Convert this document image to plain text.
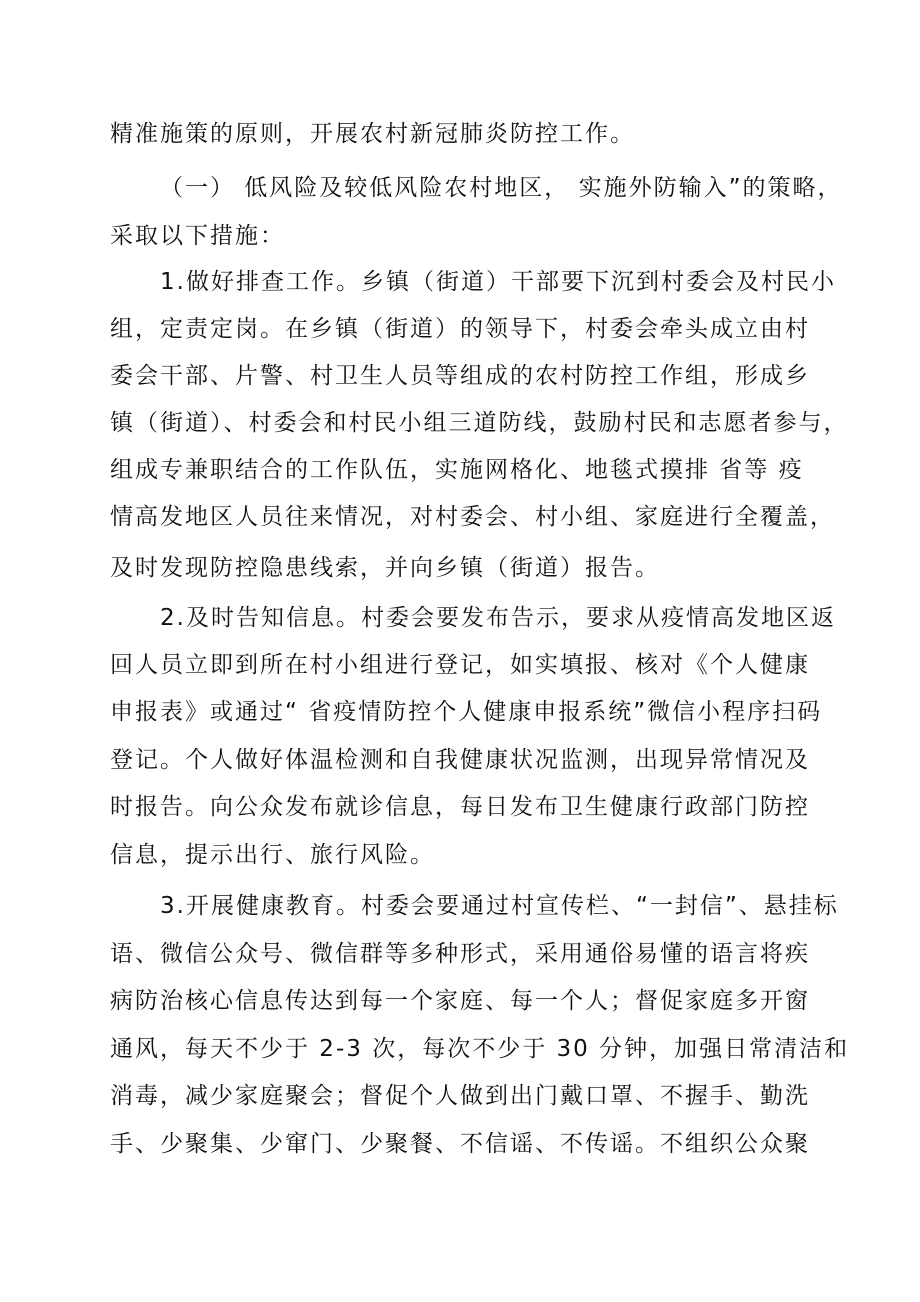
精准施策的原则，开展农村新冠肺炎防控工作。
（一） 低风险及较低风险农村地区， 实施外防输入”的策略，
采取以下措施：
1.做好排查工作。乡镇（街道）干部要下沉到村委会及村民小
组，定责定岗。在乡镇（街道）的领导下，村委会牵头成立由村
委会干部、片警、村卫生人员等组成的农村防控工作组，形成乡
镇（街道）、村委会和村民小组三道防线，鼓励村民和志愿者参与，
组成专兼职结合的工作队伍，实施网格化、地毯式摸排 省等 疫
情高发地区人员往来情况，对村委会、村小组、家庭进行全覆盖，
及时发现防控隐患线索，并向乡镇（街道）报告。
2.及时告知信息。村委会要发布告示，要求从疫情高发地区返
回人员立即到所在村小组进行登记，如实填报、核对《个人健康
申报表》或通过“ 省疫情防控个人健康申报系统”微信小程序扫码
登记。个人做好体温检测和自我健康状况监测，出现异常情况及
时报告。向公众发布就诊信息，每日发布卫生健康行政部门防控
信息，提示出行、旅行风险。
3.开展健康教育。村委会要通过村宣传栏、“一封信”、悬挂标
语、微信公众号、微信群等多种形式，采用通俗易懂的语言将疾
病防治核心信息传达到每一个家庭、每一个人；督促家庭多开窗
通风，每天不少于 2-3 次，每次不少于 30 分钟，加强日常清洁和
消毒，减少家庭聚会；督促个人做到出门戴口罩、不握手、勤洗
手、少聚集、少窜门、少聚餐、不信谣、不传谣。不组织公众聚
